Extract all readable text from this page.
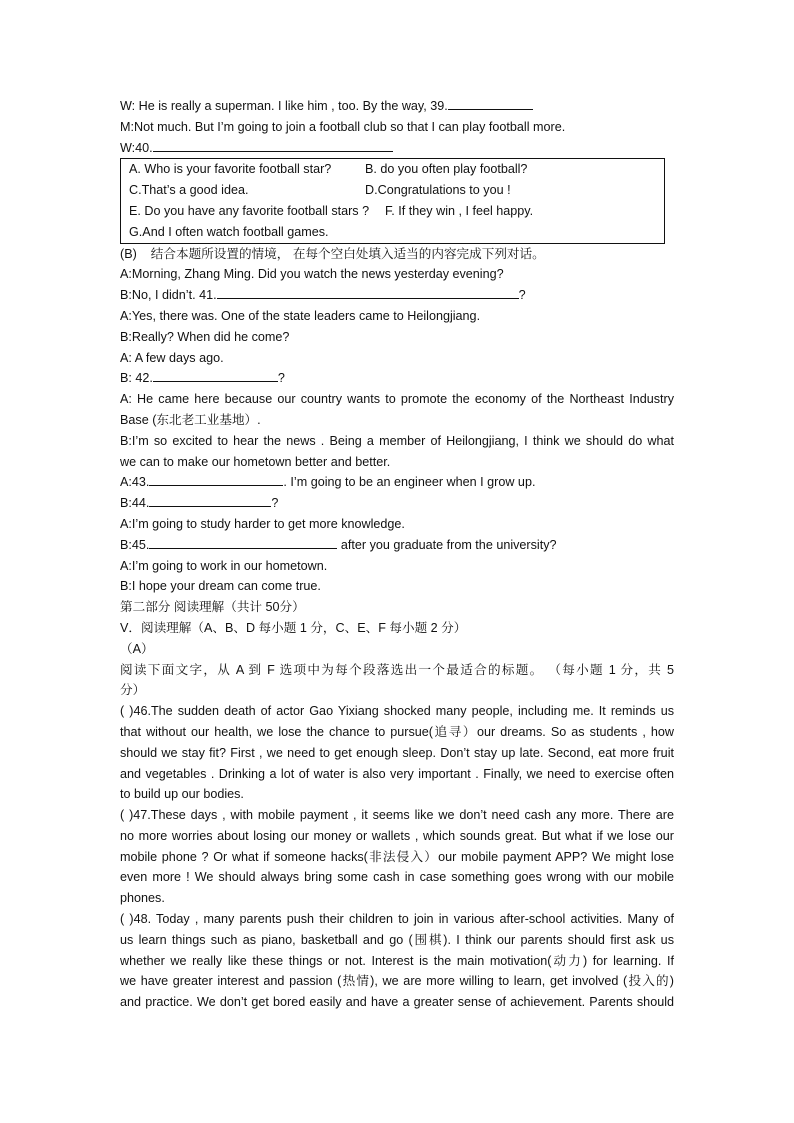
W: He is really a superman. I like him , too. By the way, 39.
M:Not much. But I’m going to join a football club so that I can play football more.
W:40.
A. Who is your favorite football star?	B. do you often play football?
C.That’s a good idea.	D.Congratulations to you !
E. Do you have any favorite football stars ?	F. If they win , I feel happy.
G.And I often watch football games.
(B) 结合本题所设置的情境， 在每个空白处填入适当的内容完成下列对话。
A:Morning, Zhang Ming. Did you watch the news yesterday evening?
B:No, I didn’t. 41.	?
A:Yes, there was. One of the state leaders came to Heilongjiang.
B:Really? When did he come?
A: A few days ago.
B: 42.	?
A: He came here because our country wants to promote the economy of the Northeast Industry
Base (东北老工业基地）.
B:I’m so excited to hear the news . Being a member of Heilongjiang, I think we should do what
we can to make our hometown better and better.
A:43.	. I’m going to be an engineer when I grow up.
B:44.	?
A:I’m going to study harder to get more knowledge.
B:45.	after you graduate from the university?
A:I’m going to work in our hometown.
B:I hope your dream can come true.
第二部分 阅读理解（共计 50分）
V．阅读理解（A、B、D 每小题 1 分，C、E、F 每小题 2 分）
（A）
阅读下面文字，从 A 到 F 选项中为每个段落选出一个最适合的标题。 （每小题 1 分，共 5
分）
( )46.The sudden death of actor Gao Yixiang shocked many people, including me. It reminds us
that without our health, we lose the chance to pursue(追寻）our dreams. So as students , how
should we stay fit? First , we need to get enough sleep. Don’t stay up late. Second, eat more fruit
and vegetables . Drinking a lot of water is also very important . Finally, we need to exercise often
to build up our bodies.
( )47.These days , with mobile payment , it seems like we don’t need cash any more. There are
no more worries about losing our money or wallets , which sounds great. But what if we lose our
mobile phone ? Or what if someone hacks(非法侵入）our mobile payment APP? We might lose
even more ! We should always bring some cash in case something goes wrong with our mobile
phones.
( )48. Today , many parents push their children to join in various after-school activities. Many of
us learn things such as piano, basketball and go (围棋). I think our parents should first ask us
whether we really like these things or not. Interest is the main motivation(动力) for learning. If
we have greater interest and passion (热情), we are more willing to learn, get involved (投入的)
and practice. We don’t get bored easily and have a greater sense of achievement. Parents should
